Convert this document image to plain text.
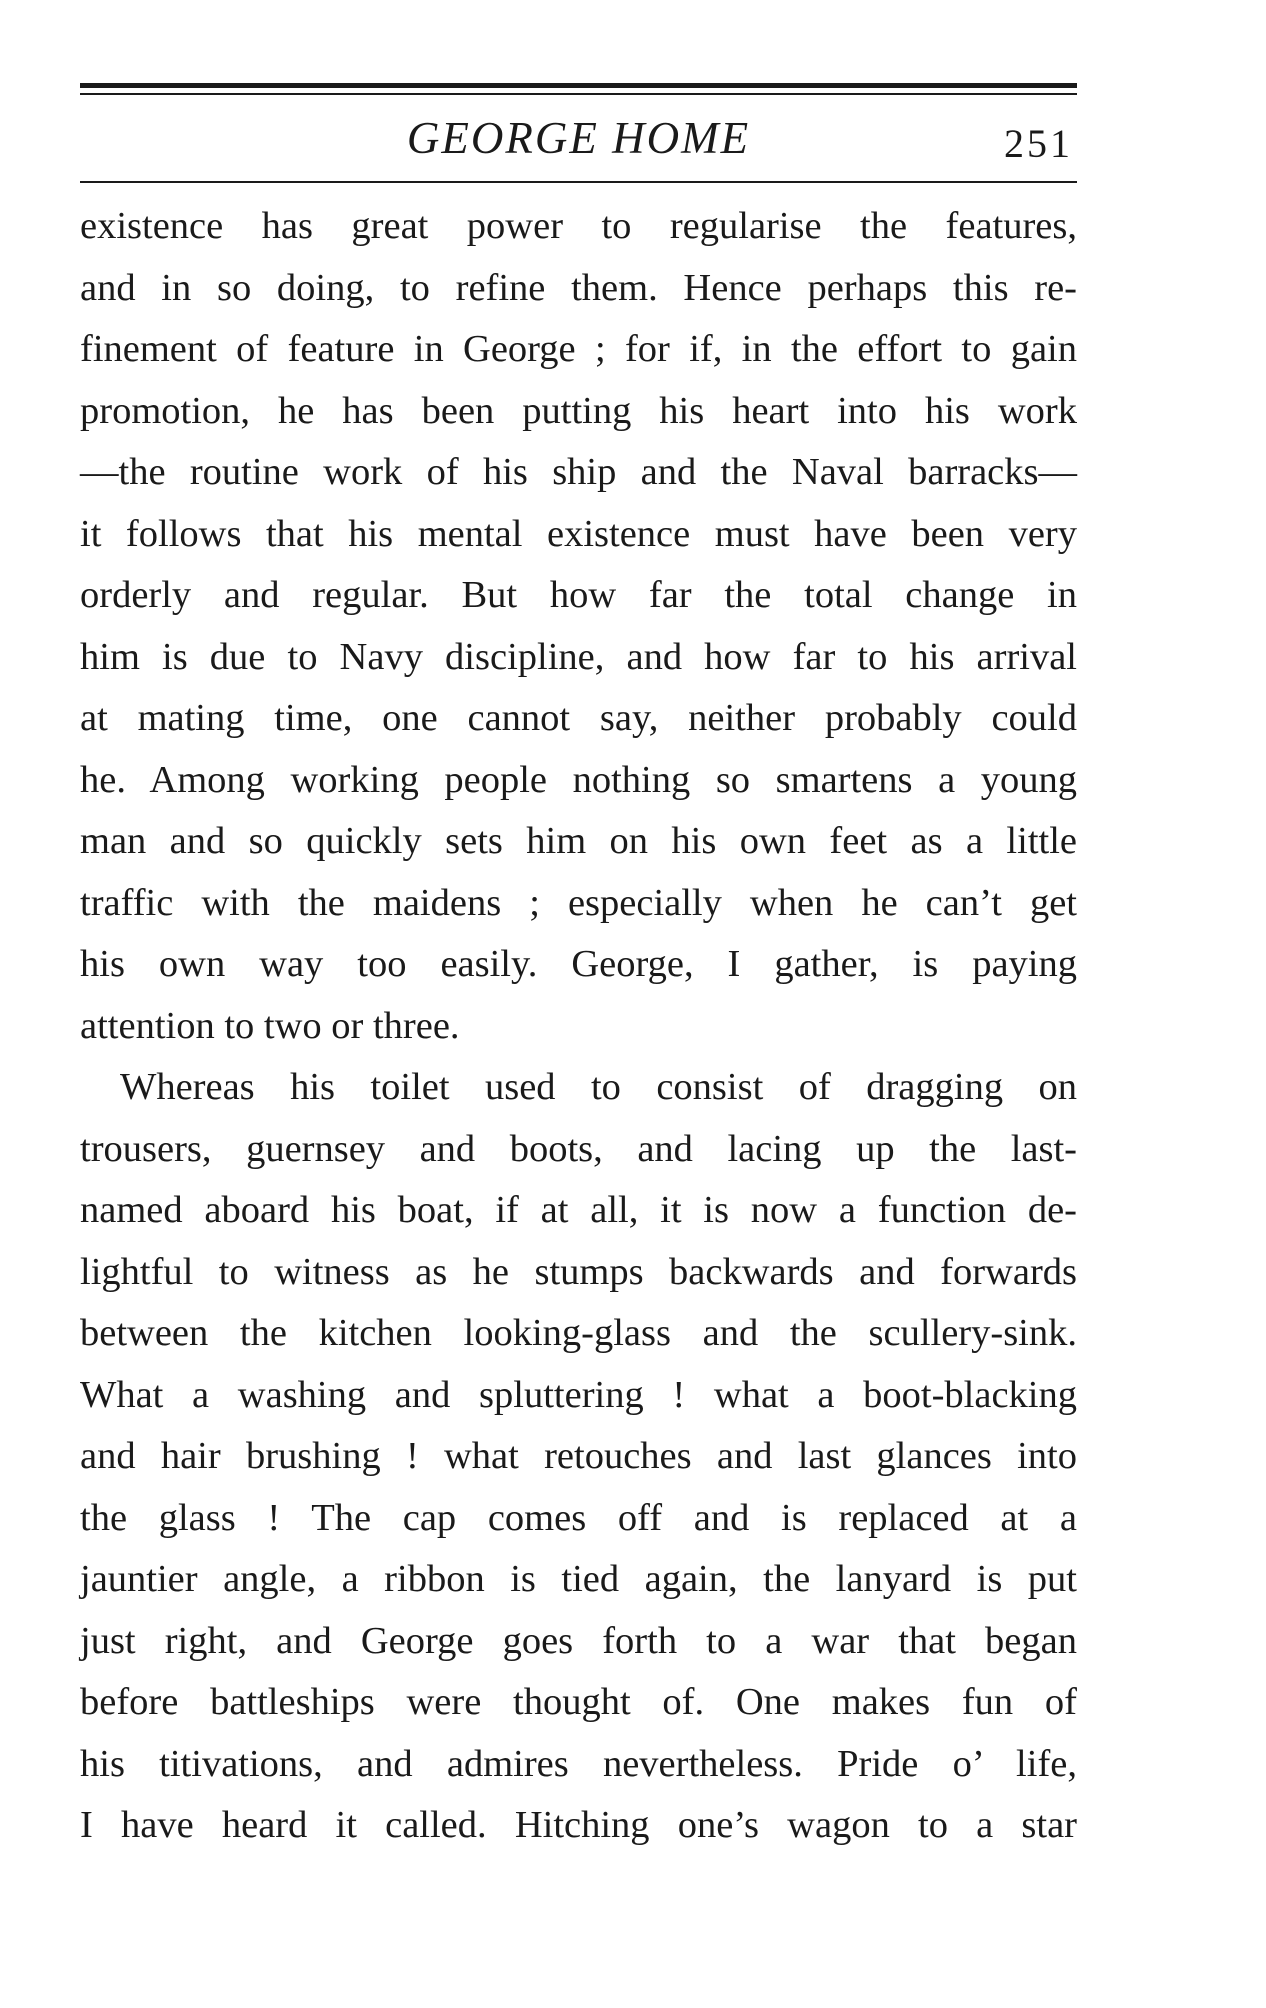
GEORGE HOME	251
existence has great power to regularise the features,
and in so doing, to refine them. Hence perhaps this re-
finement of feature in George ; for if, in the effort to gain
promotion, he has been putting his heart into his work
—the routine work of his ship and the Naval barracks—
it follows that his mental existence must have been very
orderly and regular. But how far the total change in
him is due to Navy discipline, and how far to his arrival
at mating time, one cannot say, neither probably could
he. Among working people nothing so smartens a young
man and so quickly sets him on his own feet as a little
traffic with the maidens ; especially when he can’t get
his own way too easily. George, I gather, is paying
attention to two or three.
Whereas his toilet used to consist of dragging on
trousers, guernsey and boots, and lacing up the last-
named aboard his boat, if at all, it is now a function de-
lightful to witness as he stumps backwards and forwards
between the kitchen looking-glass and the scullery-sink.
What a washing and spluttering ! what a boot-blacking
and hair brushing ! what retouches and last glances into
the glass ! The cap comes off and is replaced at a
jauntier angle, a ribbon is tied again, the lanyard is put
just right, and George goes forth to a war that began
before battleships were thought of. One makes fun of
his titivations, and admires nevertheless. Pride o’ life,
I have heard it called. Hitching one’s wagon to a star
